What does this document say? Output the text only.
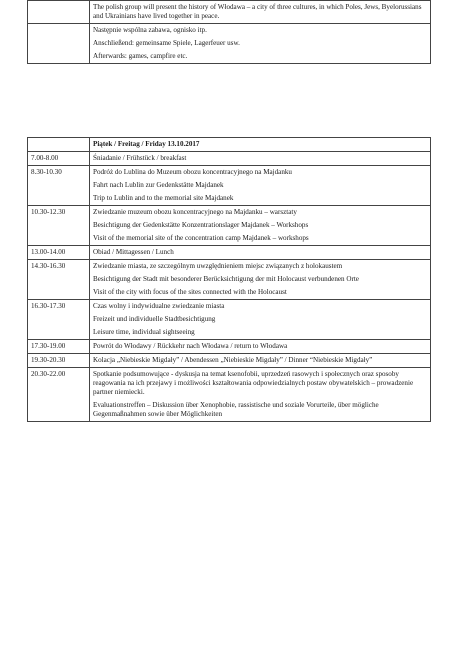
	The polish group will present the history of Włodawa – a city of three cultures, in which Poles, Jews, Byelorussians and Ukrainians have lived together in peace.

	Następnie wspólna zabawa, ognisko itp.

Anschließend: gemeinsame Spiele, Lagerfeuer usw.

Afterwards: games, campfire etc.

	Piątek / Freitag / Friday 13.10.2017
7.00-8.00	Śniadanie / Frühstück / breakfast

8.30-10.30	Podróż do Lublina do Muzeum obozu koncentracyjnego na Majdanku

Fahrt nach Lublin zur Gedenkstätte Majdanek

Trip to Lublin and to the memorial site Majdanek

10.30-12.30	Zwiedzanie muzeum obozu koncentracyjnego na Majdanku – warsztaty

Besichtigung der Gedenkstätte Konzentrationslager Majdanek – Workshops

Visit of the memorial site of the concentration camp Majdanek – workshops

13.00-14.00	Obiad / Mittagessen / Lunch

14.30-16.30	Zwiedzanie miasta, ze szczególnym uwzględnieniem miejsc związanych z holokaustem

Besichtigung der Stadt mit besonderer Berücksichtigung der mit Holocaust verbundenen Orte

Visit of the city with focus of the sites connected with the Holocaust

16.30-17.30	Czas wolny i indywidualne zwiedzanie miasta

Freizeit und individuelle Stadtbesichtigung

Leisure time, individual sightseeing

17.30-19.00	Powrót do Włodawy / Rückkehr nach Włodawa / return to Włodawa

19.30-20.30	Kolacja „Niebieskie Migdały” / Abendessen „Niebieskie Migdały” / Dinner “Niebieskie Migdały”

20.30-22.00	Spotkanie podsumowujące - dyskusja na temat ksenofobii, uprzedzeń rasowych i społecznych oraz sposoby reagowania na ich przejawy i możliwości kształtowania odpowiedzialnych postaw obywatelskich – prowadzenie partner niemiecki.

Evaluationstreffen – Diskussion über Xenophobie, rassistische und soziale Vorurteile, über mögliche Gegenmaßnahmen sowie über Möglichkeiten
